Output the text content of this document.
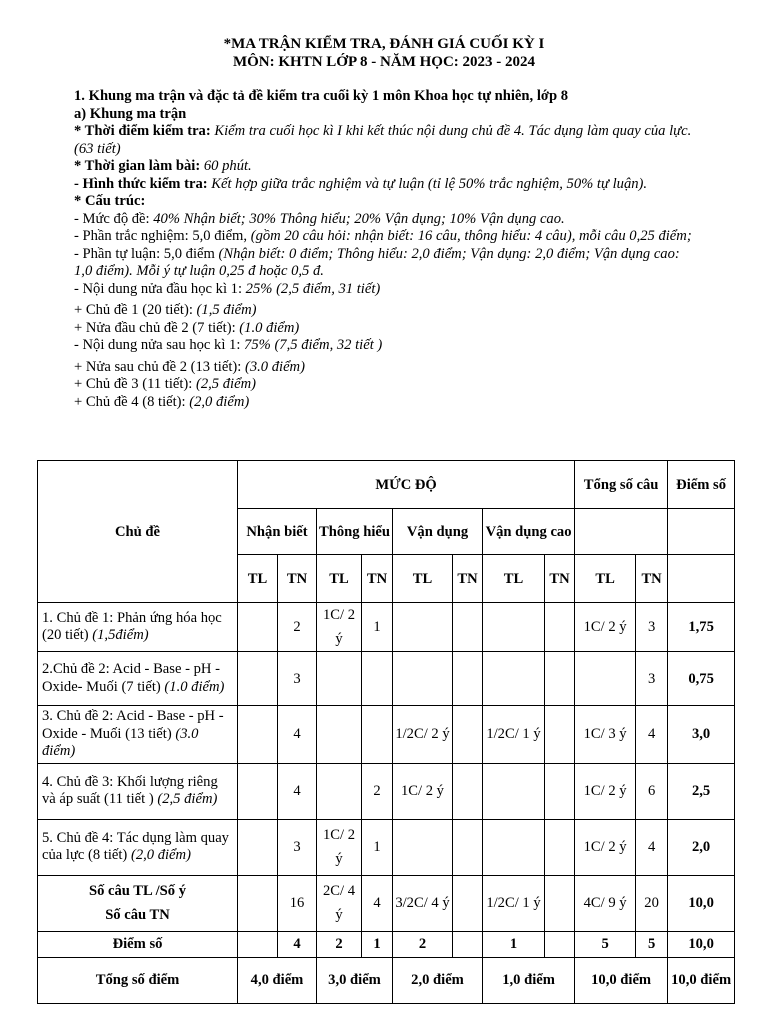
*MA TRẬN KIỂM TRA, ĐÁNH GIÁ CUỐI KỲ I
MÔN: KHTN LỚP 8 - NĂM HỌC: 2023 - 2024

1. Khung ma trận và đặc tả đề kiểm tra cuối kỳ 1 môn Khoa học tự nhiên, lớp 8

a) Khung ma trận

* Thời điểm kiểm tra: Kiểm tra cuối học kì I khi kết thúc nội dung chủ đề 4. Tác dụng làm quay của lực.(63 tiết)

* Thời gian làm bài: 60 phút.

- Hình thức kiểm tra: Kết hợp giữa trắc nghiệm và tự luận (tỉ lệ 50% trắc nghiệm, 50% tự luận).

* Cấu trúc:

- Mức độ đề: 40% Nhận biết; 30% Thông hiểu; 20% Vận dụng; 10% Vận dụng cao.

- Phần trắc nghiệm: 5,0 điểm, (gồm 20 câu hỏi: nhận biết: 16 câu, thông hiểu: 4 câu), mỗi câu 0,25 điểm;

- Phần tự luận: 5,0 điểm (Nhận biết: 0 điểm; Thông hiểu: 2,0 điểm; Vận dụng: 2,0 điểm; Vận dụng cao: 1,0 điểm). Mỗi ý tự luận 0,25 đ hoặc 0,5 đ.

- Nội dung nửa đầu học kì 1: 25% (2,5 điểm, 31 tiết)

+ Chủ đề 1 (20 tiết): (1,5 điểm)

+ Nửa đầu chủ đề 2 (7 tiết): (1.0 điểm)

- Nội dung nửa sau học kì 1: 75% (7,5 điểm, 32 tiết )

+ Nửa sau chủ đề 2 (13 tiết): (3.0 điểm)

+ Chủ đề 3 (11 tiết): (2,5 điểm)

+ Chủ đề 4 (8 tiết): (2,0 điểm)

Chủ đề	MỨC ĐỘ								Tổng số câu		Điểm số
	Nhận biết		Thông hiểu		Vận dụng		Vận dụng cao				
	TL	TN	TL	TN	TL	TN	TL	TN	TL	TN	
1. Chủ đề 1: Phản ứng hóa học (20 tiết) (1,5điểm)		2	1C/ 2 ý	1					1C/ 2 ý	3	1,75
2.Chủ đề 2: Acid - Base - pH - Oxide- Muối (7 tiết) (1.0 điểm)		3								3	0,75
3. Chủ đề 2: Acid - Base - pH - Oxide - Muối (13 tiết) (3.0 điểm)		4			1/2C/ 2 ý		1/2C/ 1 ý		1C/ 3 ý	4	3,0
4. Chủ đề 3: Khối lượng riêng và áp suất (11 tiết ) (2,5 điểm)		4		2	1C/ 2 ý				1C/ 2 ý	6	2,5
5. Chủ đề 4: Tác dụng làm quay của lực (8 tiết) (2,0 điểm)		3	1C/ 2 ý	1					1C/ 2 ý	4	2,0

Số câu TL /Số ý
Số câu TN		16	2C/ 4 ý	4	3/2C/ 4 ý		1/2C/ 1 ý		4C/ 9 ý	20	10,0
Điểm số		4	2	1	2		1		5	5	10,0
Tổng số điểm	4,0 điểm		3,0 điểm		2,0 điểm		1,0 điểm		10,0 điểm		10,0 điểm
